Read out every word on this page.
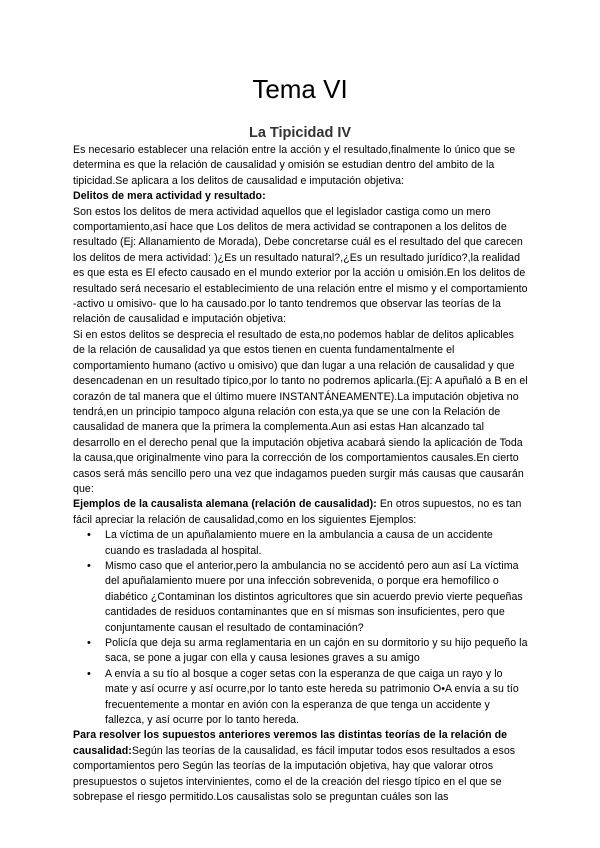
Tema VI
La Tipicidad IV

Es necesario establecer una relación entre la acción y el resultado,finalmente lo único que se determina es que la relación de causalidad y omisión se estudian dentro del ambito de la tipicidad.Se aplicara a los delitos de causalidad e imputación objetiva:

Delitos de mera actividad y resultado:

Son estos los delitos de mera actividad aquellos que el legislador castiga como un mero comportamiento,así hace que Los delitos de mera actividad se contraponen a los delitos de resultado (Ej: Allanamiento de Morada), Debe concretarse cuál es el resultado del que carecen los delitos de mera actividad: )¿Es un resultado natural?,¿Es un resultado jurídico?,la realidad es que esta es El efecto causado en el mundo exterior por la acción u omisión.En los delitos de resultado será necesario el establecimiento de una relación entre el mismo y el comportamiento -activo u omisivo- que lo ha causado.por lo tanto tendremos que observar las teorías de la relación de causalidad e imputación objetiva:

Si en estos delitos se desprecia el resultado de esta,no podemos hablar de delitos aplicables de la relación de causalidad ya que estos tienen en cuenta fundamentalmente el comportamiento humano (activo u omisivo) que dan lugar a una relación de causalidad y que desencadenan en un resultado típico,por lo tanto no podremos aplicarla.(Ej: A apuñaló a B en el corazón de tal manera que el último muere INSTANTÁNEAMENTE).La imputación objetiva no tendrá,en un principio tampoco alguna relación con esta,ya que se une con la Relación de causalidad de manera que la primera la complementa.Aun asi estas Han alcanzado tal desarrollo en el derecho penal que la imputación objetiva acabará siendo la aplicación de Toda la causa,que originalmente vino para la corrección de los comportamientos causales.En cierto casos será más sencillo pero una vez que indagamos pueden surgir más causas que causarán que:

Ejemplos de la causalista alemana (relación de causalidad): En otros supuestos, no es tan fácil apreciar la relación de causalidad,como en los siguientes Ejemplos:

• La víctima de un apuñalamiento muere en la ambulancia a causa de un accidente cuando es trasladada al hospital.
• Mismo caso que el anterior,pero la ambulancia no se accidentó pero aun así La víctima del apuñalamiento muere por una infección sobrevenida, o porque era hemofílico o diabético ¿Contaminan los distintos agricultores que sin acuerdo previo vierte pequeñas cantidades de residuos contaminantes que en sí mismas son insuficientes, pero que conjuntamente causan el resultado de contaminación?
• Policía que deja su arma reglamentaria en un cajón en su dormitorio y su hijo pequeño la saca, se pone a jugar con ella y causa lesiones graves a su amigo
• A envía a su tío al bosque a coger setas con la esperanza de que caiga un rayo y lo mate y así ocurre y así ocurre,por lo tanto este hereda su patrimonio O•A envía a su tío frecuentemente a montar en avión con la esperanza de que tenga un accidente y fallezca, y así ocurre por lo tanto hereda.

Para resolver los supuestos anteriores veremos las distintas teorías de la relación de causalidad:Según las teorías de la causalidad, es fácil imputar todos esos resultados a esos comportamientos pero Según las teorías de la imputación objetiva, hay que valorar otros presupuestos o sujetos intervinientes, como el de la creación del riesgo típico en el que se sobrepase el riesgo permitido.Los causalistas solo se preguntan cuáles son las
